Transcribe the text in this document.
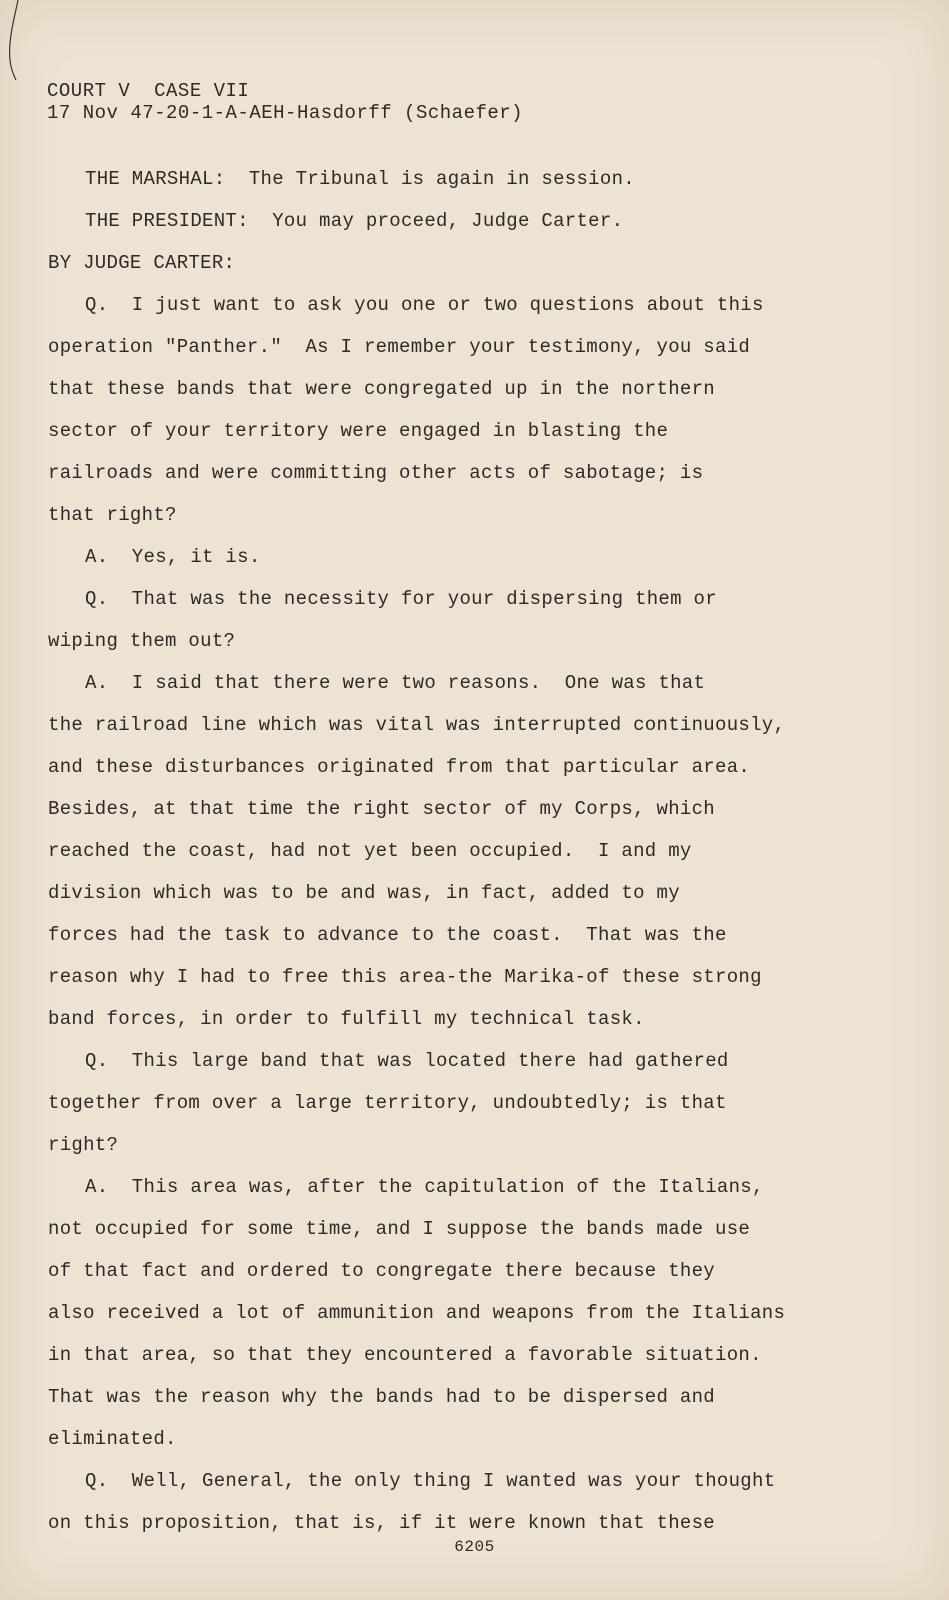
COURT V  CASE VII
17 Nov 47-20-1-A-AEH-Hasdorff (Schaefer)
THE MARSHAL:  The Tribunal is again in session.
THE PRESIDENT:  You may proceed, Judge Carter.
BY JUDGE CARTER:
Q.  I just want to ask you one or two questions about this
operation "Panther."  As I remember your testimony, you said
that these bands that were congregated up in the northern
sector of your territory were engaged in blasting the
railroads and were committing other acts of sabotage; is
that right?
A.  Yes, it is.
Q.  That was the necessity for your dispersing them or
wiping them out?
A.  I said that there were two reasons.  One was that
the railroad line which was vital was interrupted continuously,
and these disturbances originated from that particular area.
Besides, at that time the right sector of my Corps, which
reached the coast, had not yet been occupied.  I and my
division which was to be and was, in fact, added to my
forces had the task to advance to the coast.  That was the
reason why I had to free this area-the Marika-of these strong
band forces, in order to fulfill my technical task.
Q.  This large band that was located there had gathered
together from over a large territory, undoubtedly; is that
right?
A.  This area was, after the capitulation of the Italians,
not occupied for some time, and I suppose the bands made use
of that fact and ordered to congregate there because they
also received a lot of ammunition and weapons from the Italians
in that area, so that they encountered a favorable situation.
That was the reason why the bands had to be dispersed and
eliminated.
Q.  Well, General, the only thing I wanted was your thought
on this proposition, that is, if it were known that these
6205
